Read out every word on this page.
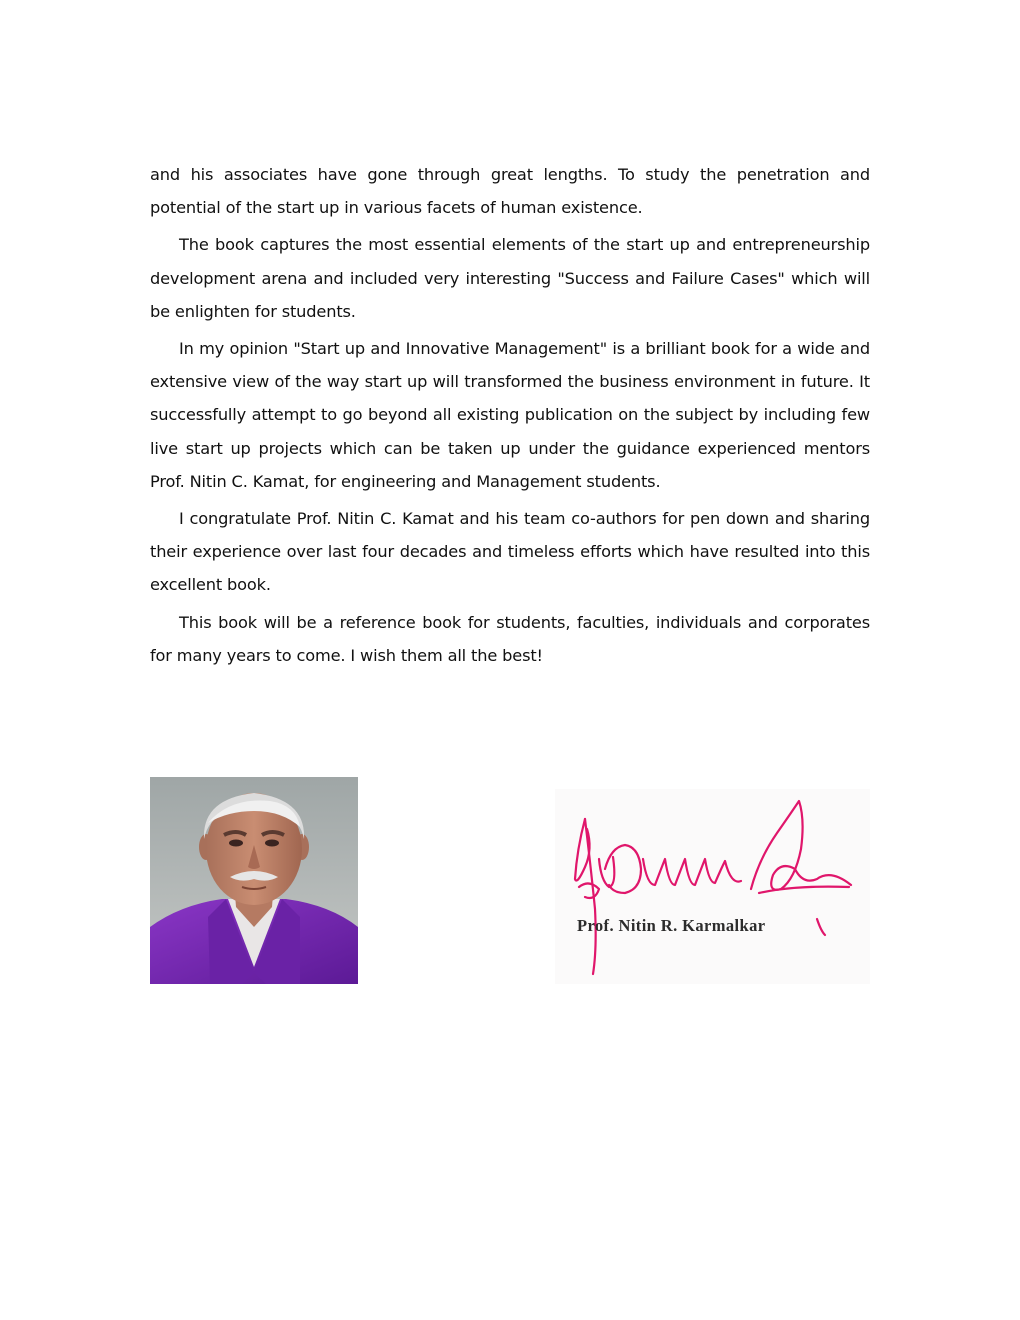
and his associates have gone through great lengths. To study the penetration and potential of the start up in various facets of human existence.

The book captures the most essential elements of the start up and entrepreneurship development arena and included very interesting "Success and Failure Cases" which will be enlighten for students.

In my opinion "Start up and Innovative Management" is a brilliant book for a wide and extensive view of the way start up will transformed the business environment in future. It successfully attempt to go beyond all existing publication on the subject by including few live start up projects which can be taken up under the guidance experienced mentors Prof. Nitin C. Kamat, for engineering and Management students.

I congratulate Prof. Nitin C. Kamat and his team co-authors for pen down and sharing their experience over last four decades and timeless efforts which have resulted into this excellent book.

This book will be a reference book for students, faculties, individuals and corporates for many years to come. I wish them all the best!

Prof. Nitin R. Karmalkar
